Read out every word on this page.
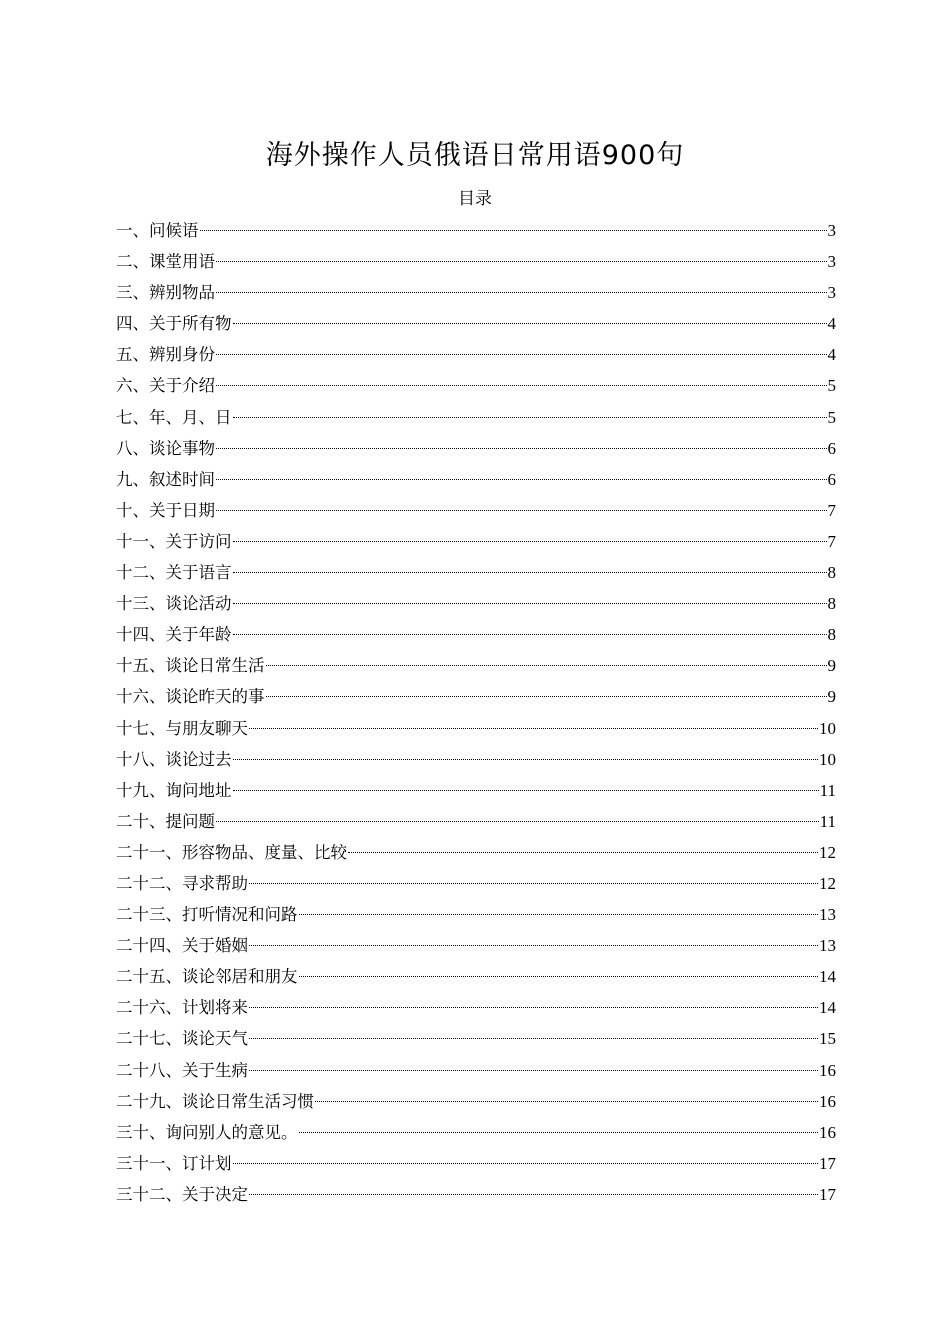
海外操作人员俄语日常用语900句
目录
一、问候语	3
二、课堂用语	3
三、辨别物品	3
四、关于所有物	4
五、辨别身份	4
六、关于介绍	5
七、年、月、日	5
八、谈论事物	6
九、叙述时间	6
十、关于日期	7
十一、关于访问	7
十二、关于语言	8
十三、谈论活动	8
十四、关于年龄	8
十五、谈论日常生活	9
十六、谈论昨天的事	9
十七、与朋友聊天	10
十八、谈论过去	10
十九、询问地址	11
二十、提问题	11
二十一、形容物品、度量、比较	12
二十二、寻求帮助	12
二十三、打听情况和问路	13
二十四、关于婚姻	13
二十五、谈论邻居和朋友	14
二十六、计划将来	14
二十七、谈论天气	15
二十八、关于生病	16
二十九、谈论日常生活习惯	16
三十、询问别人的意见。	16
三十一、订计划	17
三十二、关于决定	17
